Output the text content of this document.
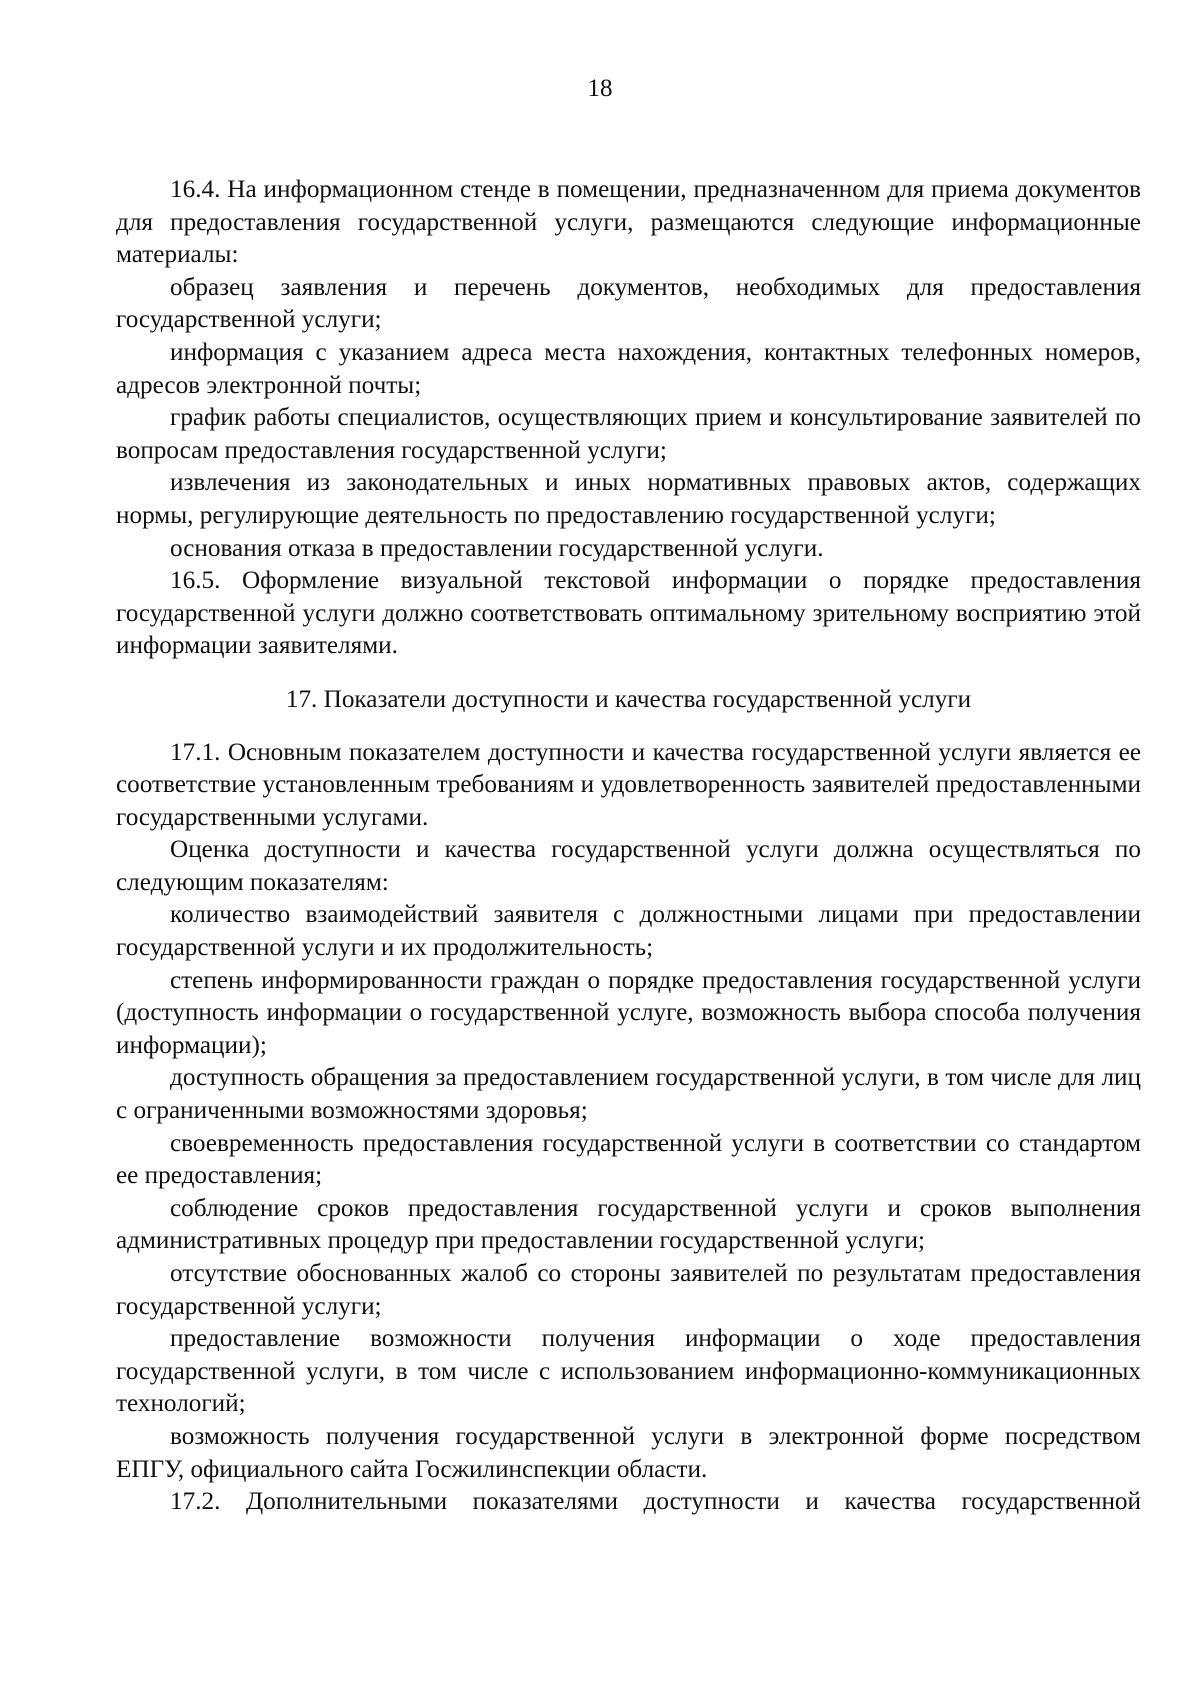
18

16.4. На информационном стенде в помещении, предназначенном для приема документов для предоставления государственной услуги, размещаются следующие информационные материалы:

образец заявления и перечень документов, необходимых для предоставления государственной услуги;

информация с указанием адреса места нахождения, контактных телефонных номеров, адресов электронной почты;

график работы специалистов, осуществляющих прием и консультирование заявителей по вопросам предоставления государственной услуги;

извлечения из законодательных и иных нормативных правовых актов, содержащих нормы, регулирующие деятельность по предоставлению государственной услуги;

основания отказа в предоставлении государственной услуги.

16.5. Оформление визуальной текстовой информации о порядке предоставления государственной услуги должно соответствовать оптимальному зрительному восприятию этой информации заявителями.

17. Показатели доступности и качества государственной услуги

17.1. Основным показателем доступности и качества государственной услуги является ее соответствие установленным требованиям и удовлетворенность заявителей предоставленными государственными услугами.

Оценка доступности и качества государственной услуги должна осуществляться по следующим показателям:

количество взаимодействий заявителя с должностными лицами при предоставлении государственной услуги и их продолжительность;

степень информированности граждан о порядке предоставления государственной услуги (доступность информации о государственной услуге, возможность выбора способа получения информации);

доступность обращения за предоставлением государственной услуги, в том числе для лиц с ограниченными возможностями здоровья;

своевременность предоставления государственной услуги в соответствии со стандартом ее предоставления;

соблюдение сроков предоставления государственной услуги и сроков выполнения административных процедур при предоставлении государственной услуги;

отсутствие обоснованных жалоб со стороны заявителей по результатам предоставления государственной услуги;

предоставление возможности получения информации о ходе предоставления государственной услуги, в том числе с использованием информационно-коммуникационных технологий;

возможность получения государственной услуги в электронной форме посредством ЕПГУ, официального сайта Госжилинспекции области.

17.2. Дополнительными показателями доступности и качества государственной
